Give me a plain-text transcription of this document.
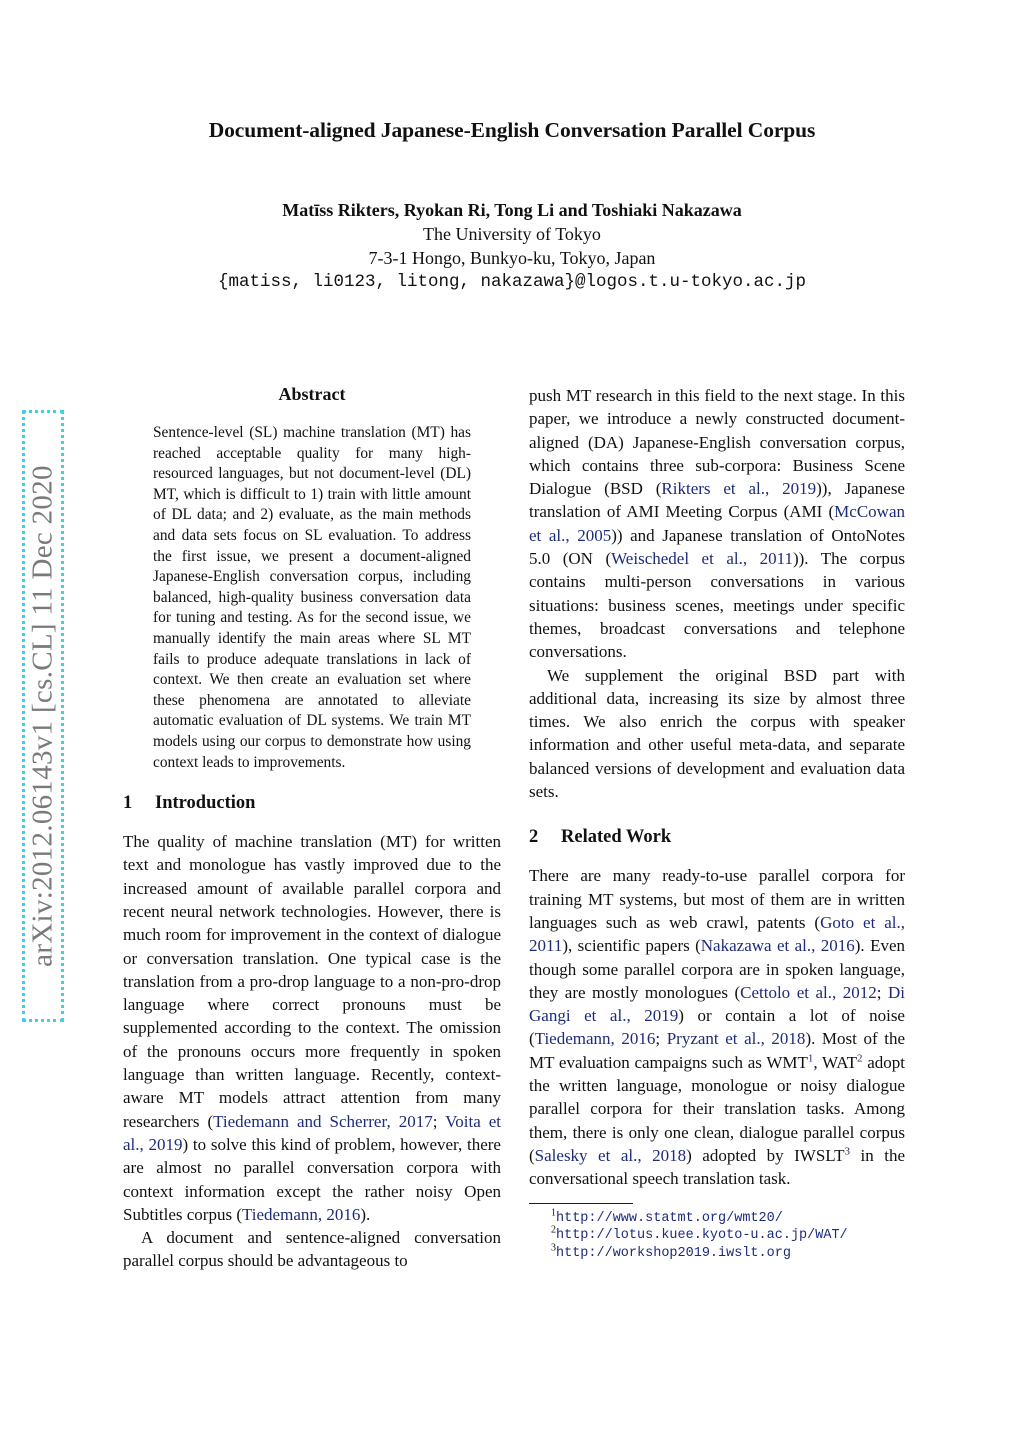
Document-aligned Japanese-English Conversation Parallel Corpus
Matīss Rikters, Ryokan Ri, Tong Li and Toshiaki Nakazawa
The University of Tokyo
7-3-1 Hongo, Bunkyo-ku, Tokyo, Japan
{matiss, li0123, litong, nakazawa}@logos.t.u-tokyo.ac.jp
arXiv:2012.06143v1 [cs.CL] 11 Dec 2020
Abstract

Sentence-level (SL) machine translation (MT) has reached acceptable quality for many high-resourced languages, but not document-level (DL) MT, which is difficult to 1) train with little amount of DL data; and 2) evaluate, as the main methods and data sets focus on SL evaluation. To address the first issue, we present a document-aligned Japanese-English conversation corpus, including balanced, high-quality business conversation data for tuning and testing. As for the second issue, we manually identify the main areas where SL MT fails to produce adequate translations in lack of context. We then create an evaluation set where these phenomena are annotated to alleviate automatic evaluation of DL systems. We train MT models using our corpus to demonstrate how using context leads to improvements.

1 Introduction

The quality of machine translation (MT) for written text and monologue has vastly improved due to the increased amount of available parallel corpora and recent neural network technologies. However, there is much room for improvement in the context of dialogue or conversation translation. One typical case is the translation from a pro-drop language to a non-pro-drop language where correct pronouns must be supplemented according to the context. The omission of the pronouns occurs more frequently in spoken language than written language. Recently, context-aware MT models attract attention from many researchers (Tiedemann and Scherrer, 2017; Voita et al., 2019) to solve this kind of problem, however, there are almost no parallel conversation corpora with context information except the rather noisy Open Subtitles corpus (Tiedemann, 2016).

A document and sentence-aligned conversation parallel corpus should be advantageous to

push MT research in this field to the next stage. In this paper, we introduce a newly constructed document-aligned (DA) Japanese-English conversation corpus, which contains three sub-corpora: Business Scene Dialogue (BSD (Rikters et al., 2019)), Japanese translation of AMI Meeting Corpus (AMI (McCowan et al., 2005)) and Japanese translation of OntoNotes 5.0 (ON (Weischedel et al., 2011)). The corpus contains multi-person conversations in various situations: business scenes, meetings under specific themes, broadcast conversations and telephone conversations.

We supplement the original BSD part with additional data, increasing its size by almost three times. We also enrich the corpus with speaker information and other useful meta-data, and separate balanced versions of development and evaluation data sets.

2 Related Work

There are many ready-to-use parallel corpora for training MT systems, but most of them are in written languages such as web crawl, patents (Goto et al., 2011), scientific papers (Nakazawa et al., 2016). Even though some parallel corpora are in spoken language, they are mostly monologues (Cettolo et al., 2012; Di Gangi et al., 2019) or contain a lot of noise (Tiedemann, 2016; Pryzant et al., 2018). Most of the MT evaluation campaigns such as WMT$^1$, WAT$^2$ adopt the written language, monologue or noisy dialogue parallel corpora for their translation tasks. Among them, there is only one clean, dialogue parallel corpus (Salesky et al., 2018) adopted by IWSLT$^3$ in the conversational speech translation task.

$^1$http://www.statmt.org/wmt20/
$^2$http://lotus.kuee.kyoto-u.ac.jp/WAT/
$^3$http://workshop2019.iwslt.org
